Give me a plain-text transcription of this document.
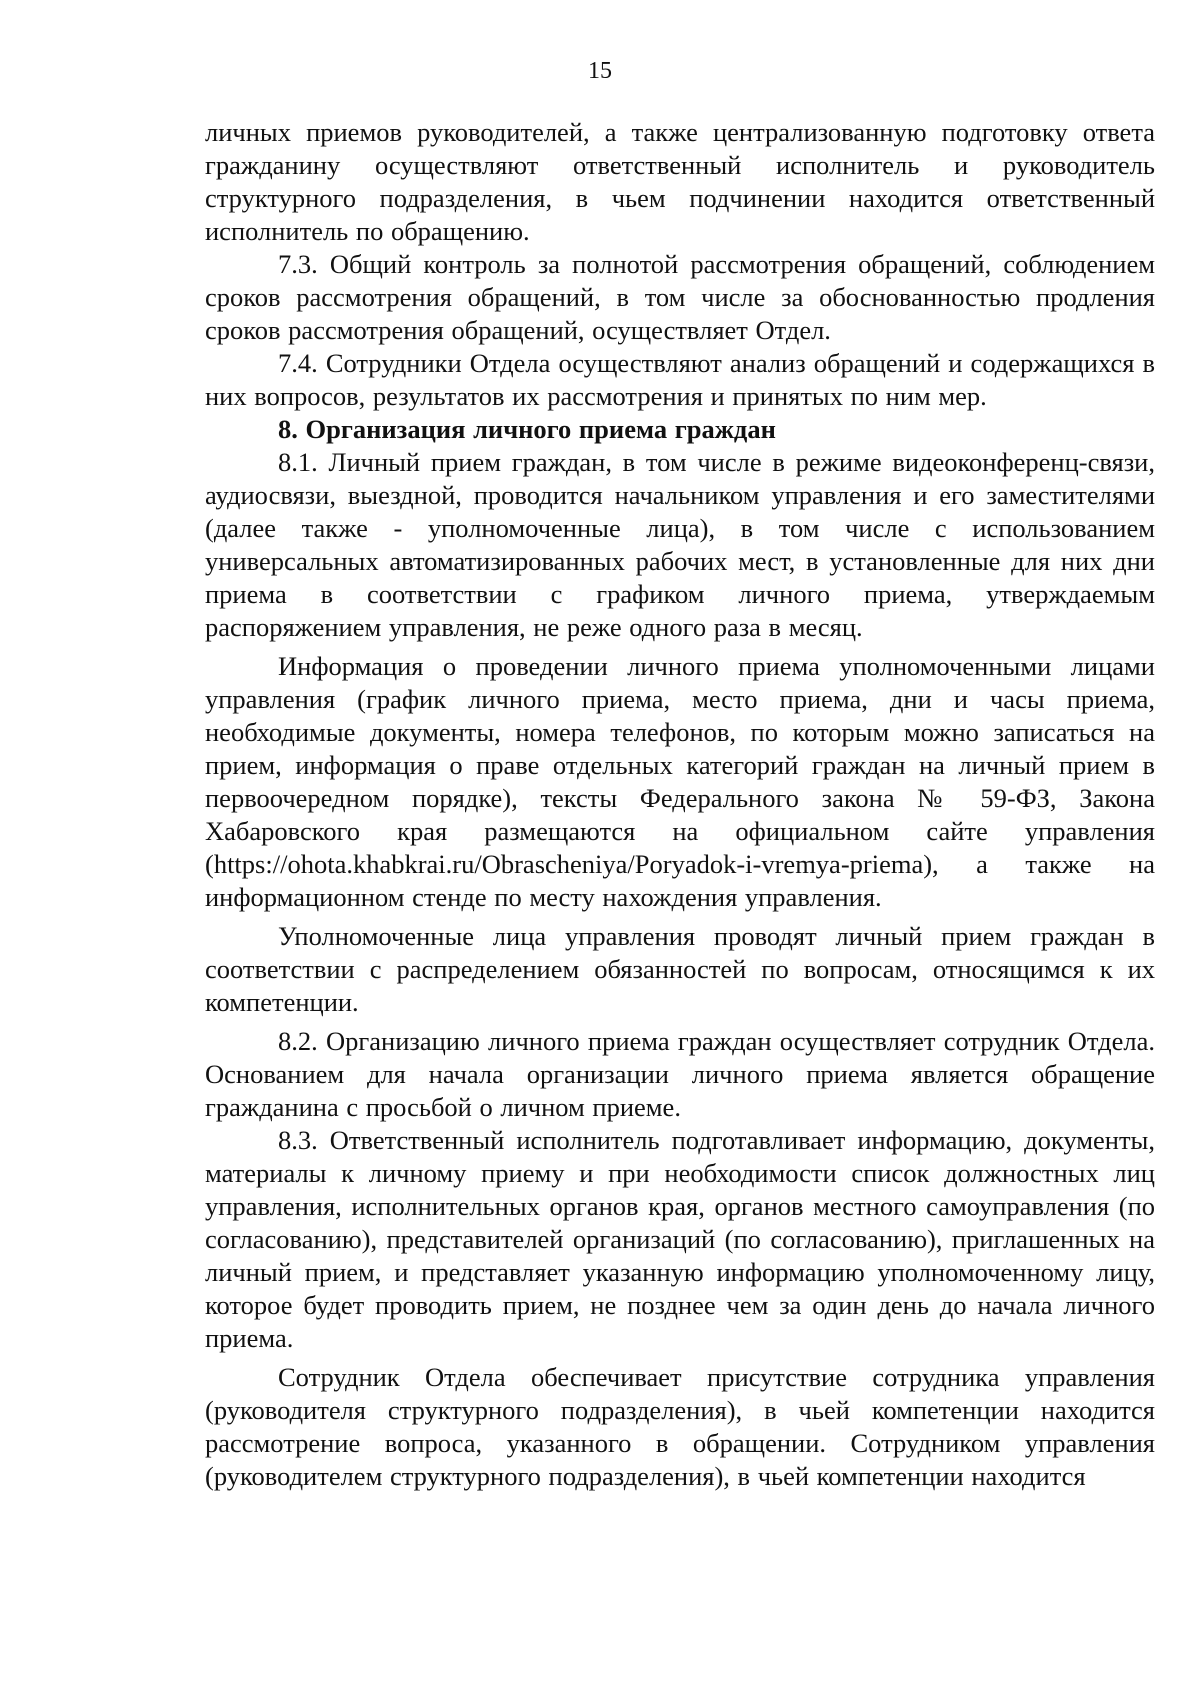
15

личных приемов руководителей, а также централизованную подготовку ответа гражданину осуществляют ответственный исполнитель и руководитель структурного подразделения, в чьем подчинении находится ответственный исполнитель по обращению.

7.3. Общий контроль за полнотой рассмотрения обращений, соблюдением сроков рассмотрения обращений, в том числе за обоснованностью продления сроков рассмотрения обращений, осуществляет Отдел.

7.4. Сотрудники Отдела осуществляют анализ обращений и содержащихся в них вопросов, результатов их рассмотрения и принятых по ним мер.

8. Организация личного приема граждан

8.1. Личный прием граждан, в том числе в режиме видеоконференц-связи, аудиосвязи, выездной, проводится начальником управления и его заместителями (далее также - уполномоченные лица), в том числе с использованием универсальных автоматизированных рабочих мест, в установленные для них дни приема в соответствии с графиком личного приема, утверждаемым распоряжением управления, не реже одного раза в месяц.

Информация о проведении личного приема уполномоченными лицами управления (график личного приема, место приема, дни и часы приема, необходимые документы, номера телефонов, по которым можно записаться на прием, информация о праве отдельных категорий граждан на личный прием в первоочередном порядке), тексты Федерального закона № 59-ФЗ, Закона Хабаровского края размещаются на официальном сайте управления (https://ohota.khabkrai.ru/Obrascheniya/Poryadok-i-vremya-priema), а также на информационном стенде по месту нахождения управления.

Уполномоченные лица управления проводят личный прием граждан в соответствии с распределением обязанностей по вопросам, относящимся к их компетенции.

8.2. Организацию личного приема граждан осуществляет сотрудник Отдела. Основанием для начала организации личного приема является обращение гражданина с просьбой о личном приеме.

8.3. Ответственный исполнитель подготавливает информацию, документы, материалы к личному приему и при необходимости список должностных лиц управления, исполнительных органов края, органов местного самоуправления (по согласованию), представителей организаций (по согласованию), приглашенных на личный прием, и представляет указанную информацию уполномоченному лицу, которое будет проводить прием, не позднее чем за один день до начала личного приема.

Сотрудник Отдела обеспечивает присутствие сотрудника управления (руководителя структурного подразделения), в чьей компетенции находится рассмотрение вопроса, указанного в обращении. Сотрудником управления (руководителем структурного подразделения), в чьей компетенции находится
